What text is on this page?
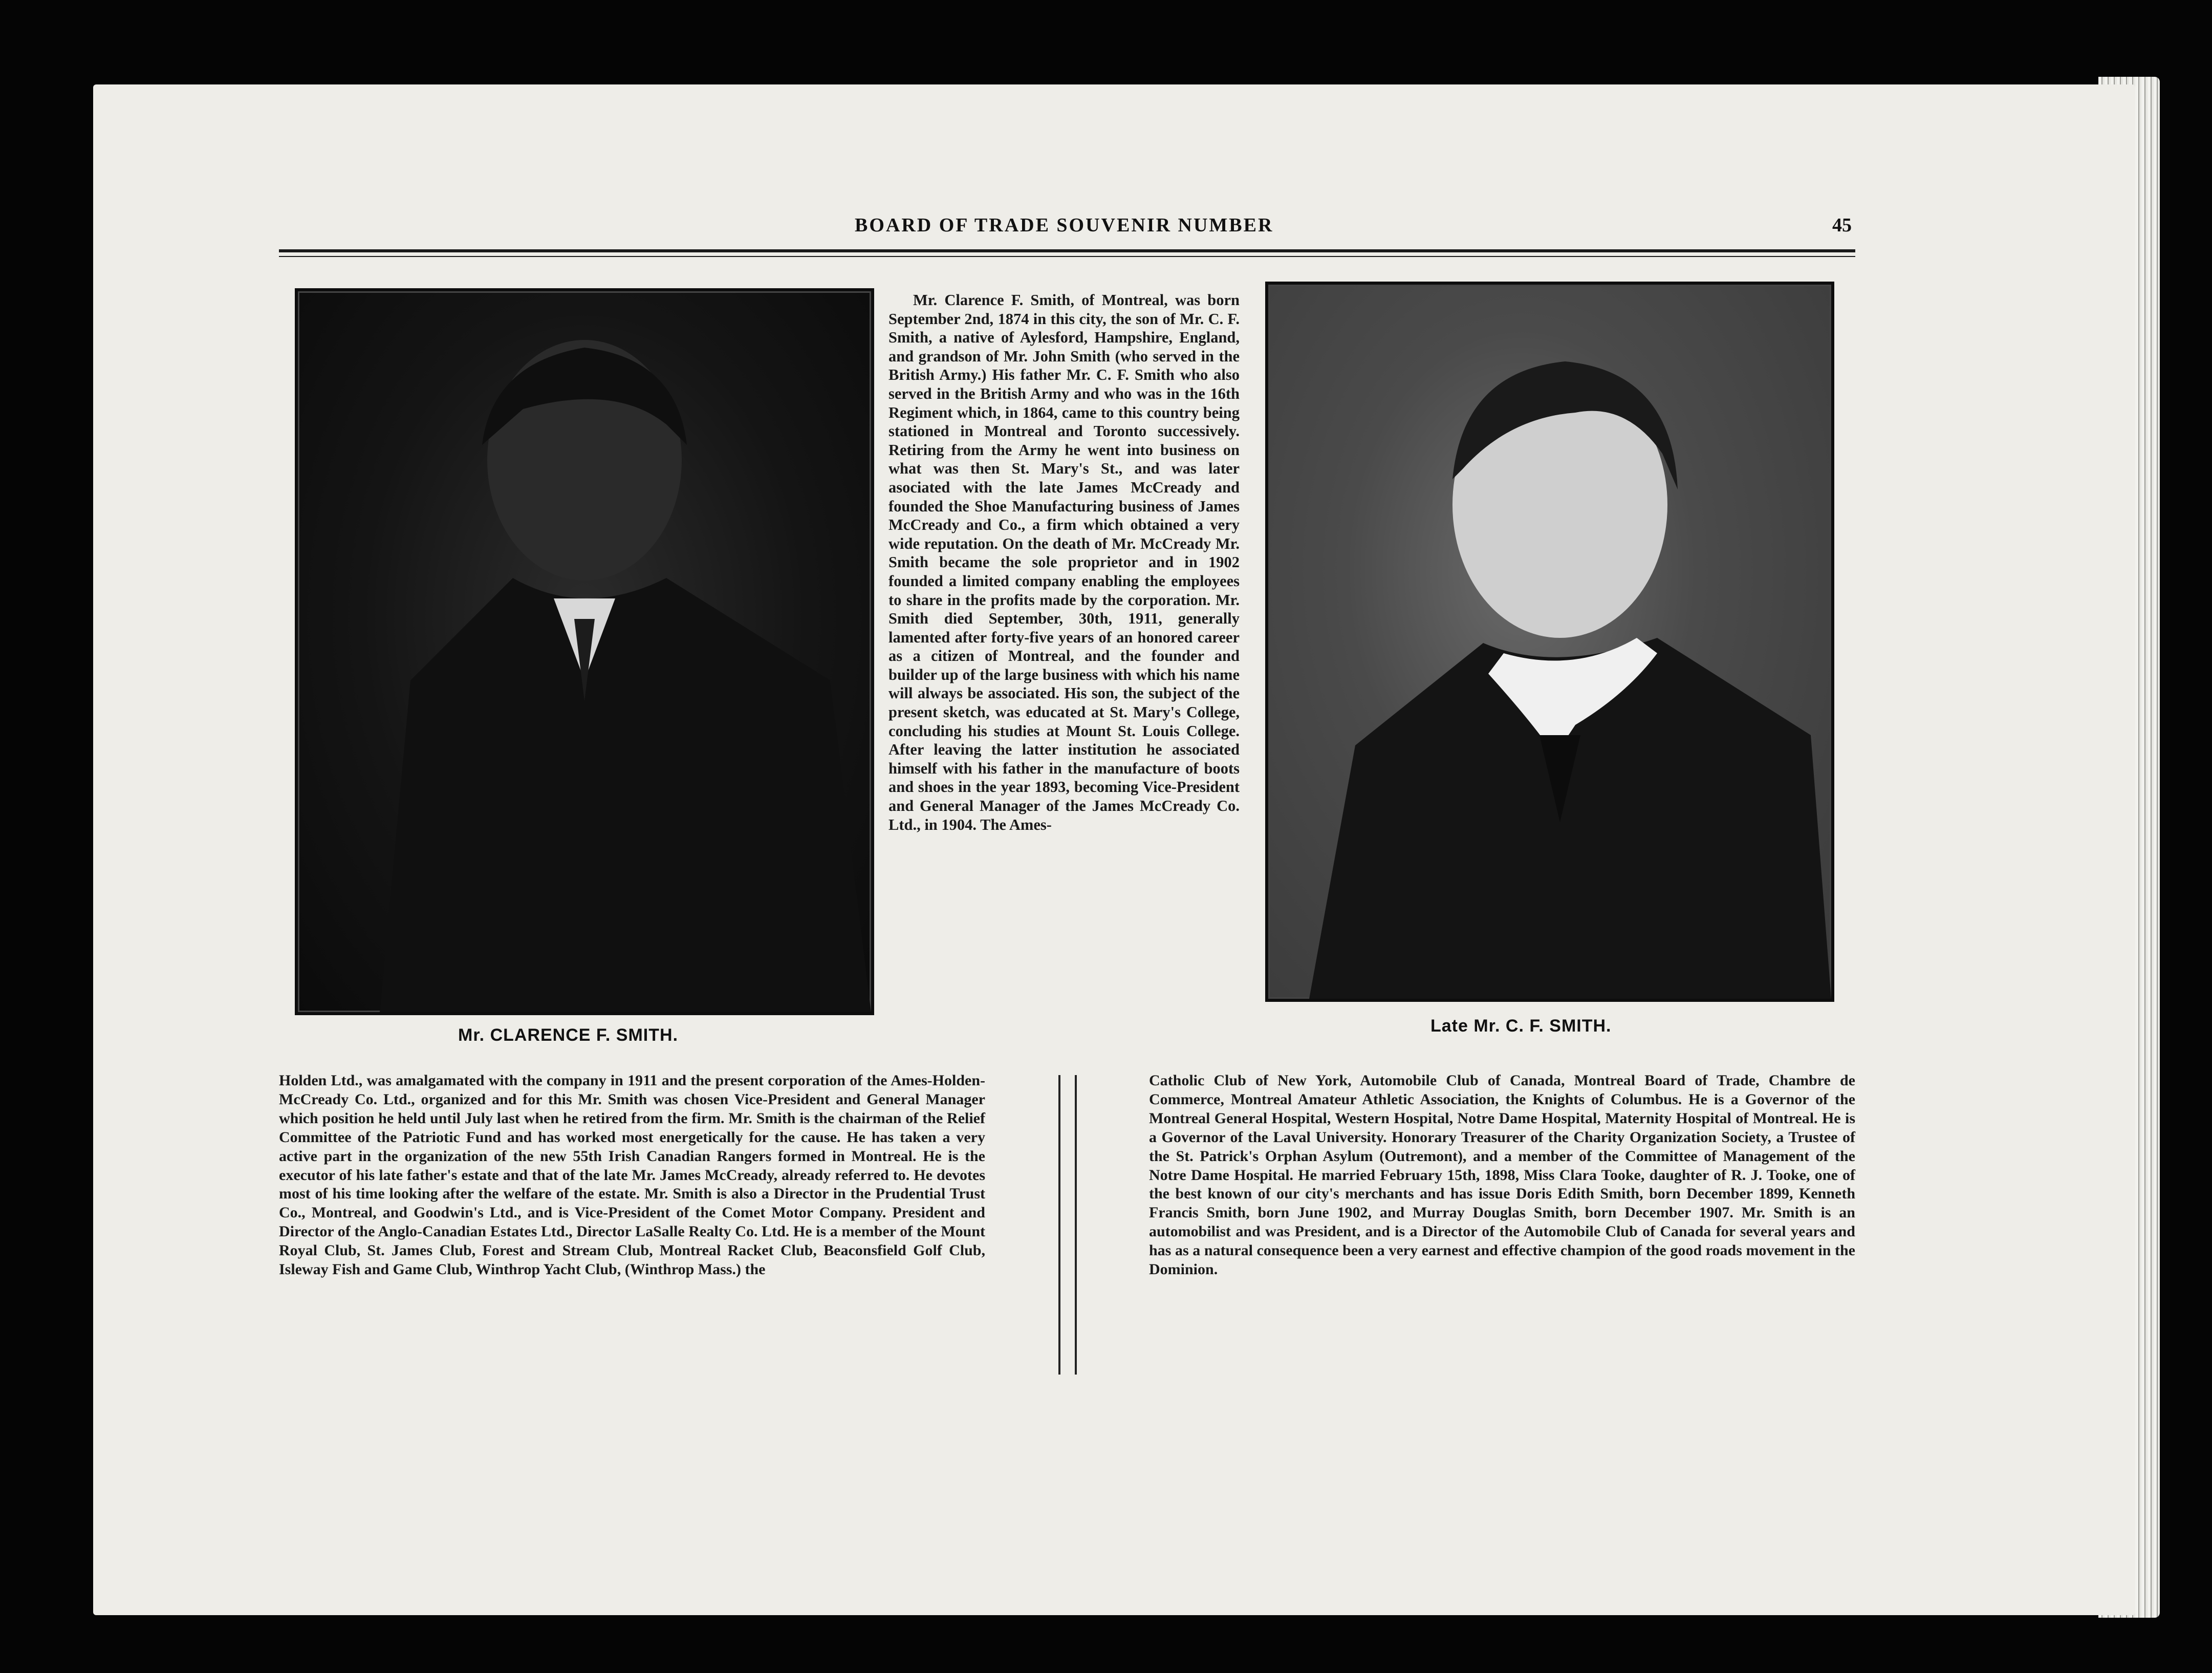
BOARD OF TRADE SOUVENIR NUMBER	45
Mr. CLARENCE F. SMITH.	Late Mr. C. F. SMITH.
Mr. Clarence F. Smith, of Montreal, was born September 2nd, 1874 in this city, the son of Mr. C. F. Smith, a native of Aylesford, Hampshire, England, and grandson of Mr. John Smith (who served in the British Army.) His father Mr. C. F. Smith who also served in the British Army and who was in the 16th Regiment which, in 1864, came to this country being stationed in Montreal and Toronto successively. Retiring from the Army he went into business on what was then St. Mary's St., and was later asociated with the late James McCready and founded the Shoe Manufacturing business of James McCready and Co., a firm which obtained a very wide reputation. On the death of Mr. McCready Mr. Smith became the sole proprietor and in 1902 founded a limited company enabling the employees to share in the profits made by the corporation. Mr. Smith died September, 30th, 1911, generally lamented after forty-five years of an honored career as a citizen of Montreal, and the founder and builder up of the large business with which his name will always be associated. His son, the subject of the present sketch, was educated at St. Mary's College, concluding his studies at Mount St. Louis College. After leaving the latter institution he associated himself with his father in the manufacture of boots and shoes in the year 1893, becoming Vice-President and General Manager of the James McCready Co. Ltd., in 1904. The Ames-
Holden Ltd., was amalgamated with the company in 1911 and the present corporation of the Ames-Holden-McCready Co. Ltd., organized and for this Mr. Smith was chosen Vice-President and General Manager which position he held until July last when he retired from the firm. Mr. Smith is the chairman of the Relief Committee of the Patriotic Fund and has worked most energetically for the cause. He has taken a very active part in the organization of the new 55th Irish Canadian Rangers formed in Montreal. He is the executor of his late father's estate and that of the late Mr. James McCready, already referred to. He devotes most of his time looking after the welfare of the estate. Mr. Smith is also a Director in the Prudential Trust Co., Montreal, and Goodwin's Ltd., and is Vice-President of the Comet Motor Company. President and Director of the Anglo-Canadian Estates Ltd., Director LaSalle Realty Co. Ltd. He is a member of the Mount Royal Club, St. James Club, Forest and Stream Club, Montreal Racket Club, Beaconsfield Golf Club, Isleway Fish and Game Club, Winthrop Yacht Club, (Winthrop Mass.) the
Catholic Club of New York, Automobile Club of Canada, Montreal Board of Trade, Chambre de Commerce, Montreal Amateur Athletic Association, the Knights of Columbus. He is a Governor of the Montreal General Hospital, Western Hospital, Notre Dame Hospital, Maternity Hospital of Montreal. He is a Governor of the Laval University. Honorary Treasurer of the Charity Organization Society, a Trustee of the St. Patrick's Orphan Asylum (Outremont), and a member of the Committee of Management of the Notre Dame Hospital. He married February 15th, 1898, Miss Clara Tooke, daughter of R. J. Tooke, one of the best known of our city's merchants and has issue Doris Edith Smith, born December 1899, Kenneth Francis Smith, born June 1902, and Murray Douglas Smith, born December 1907. Mr. Smith is an automobilist and was President, and is a Director of the Automobile Club of Canada for several years and has as a natural consequence been a very earnest and effective champion of the good roads movement in the Dominion.
